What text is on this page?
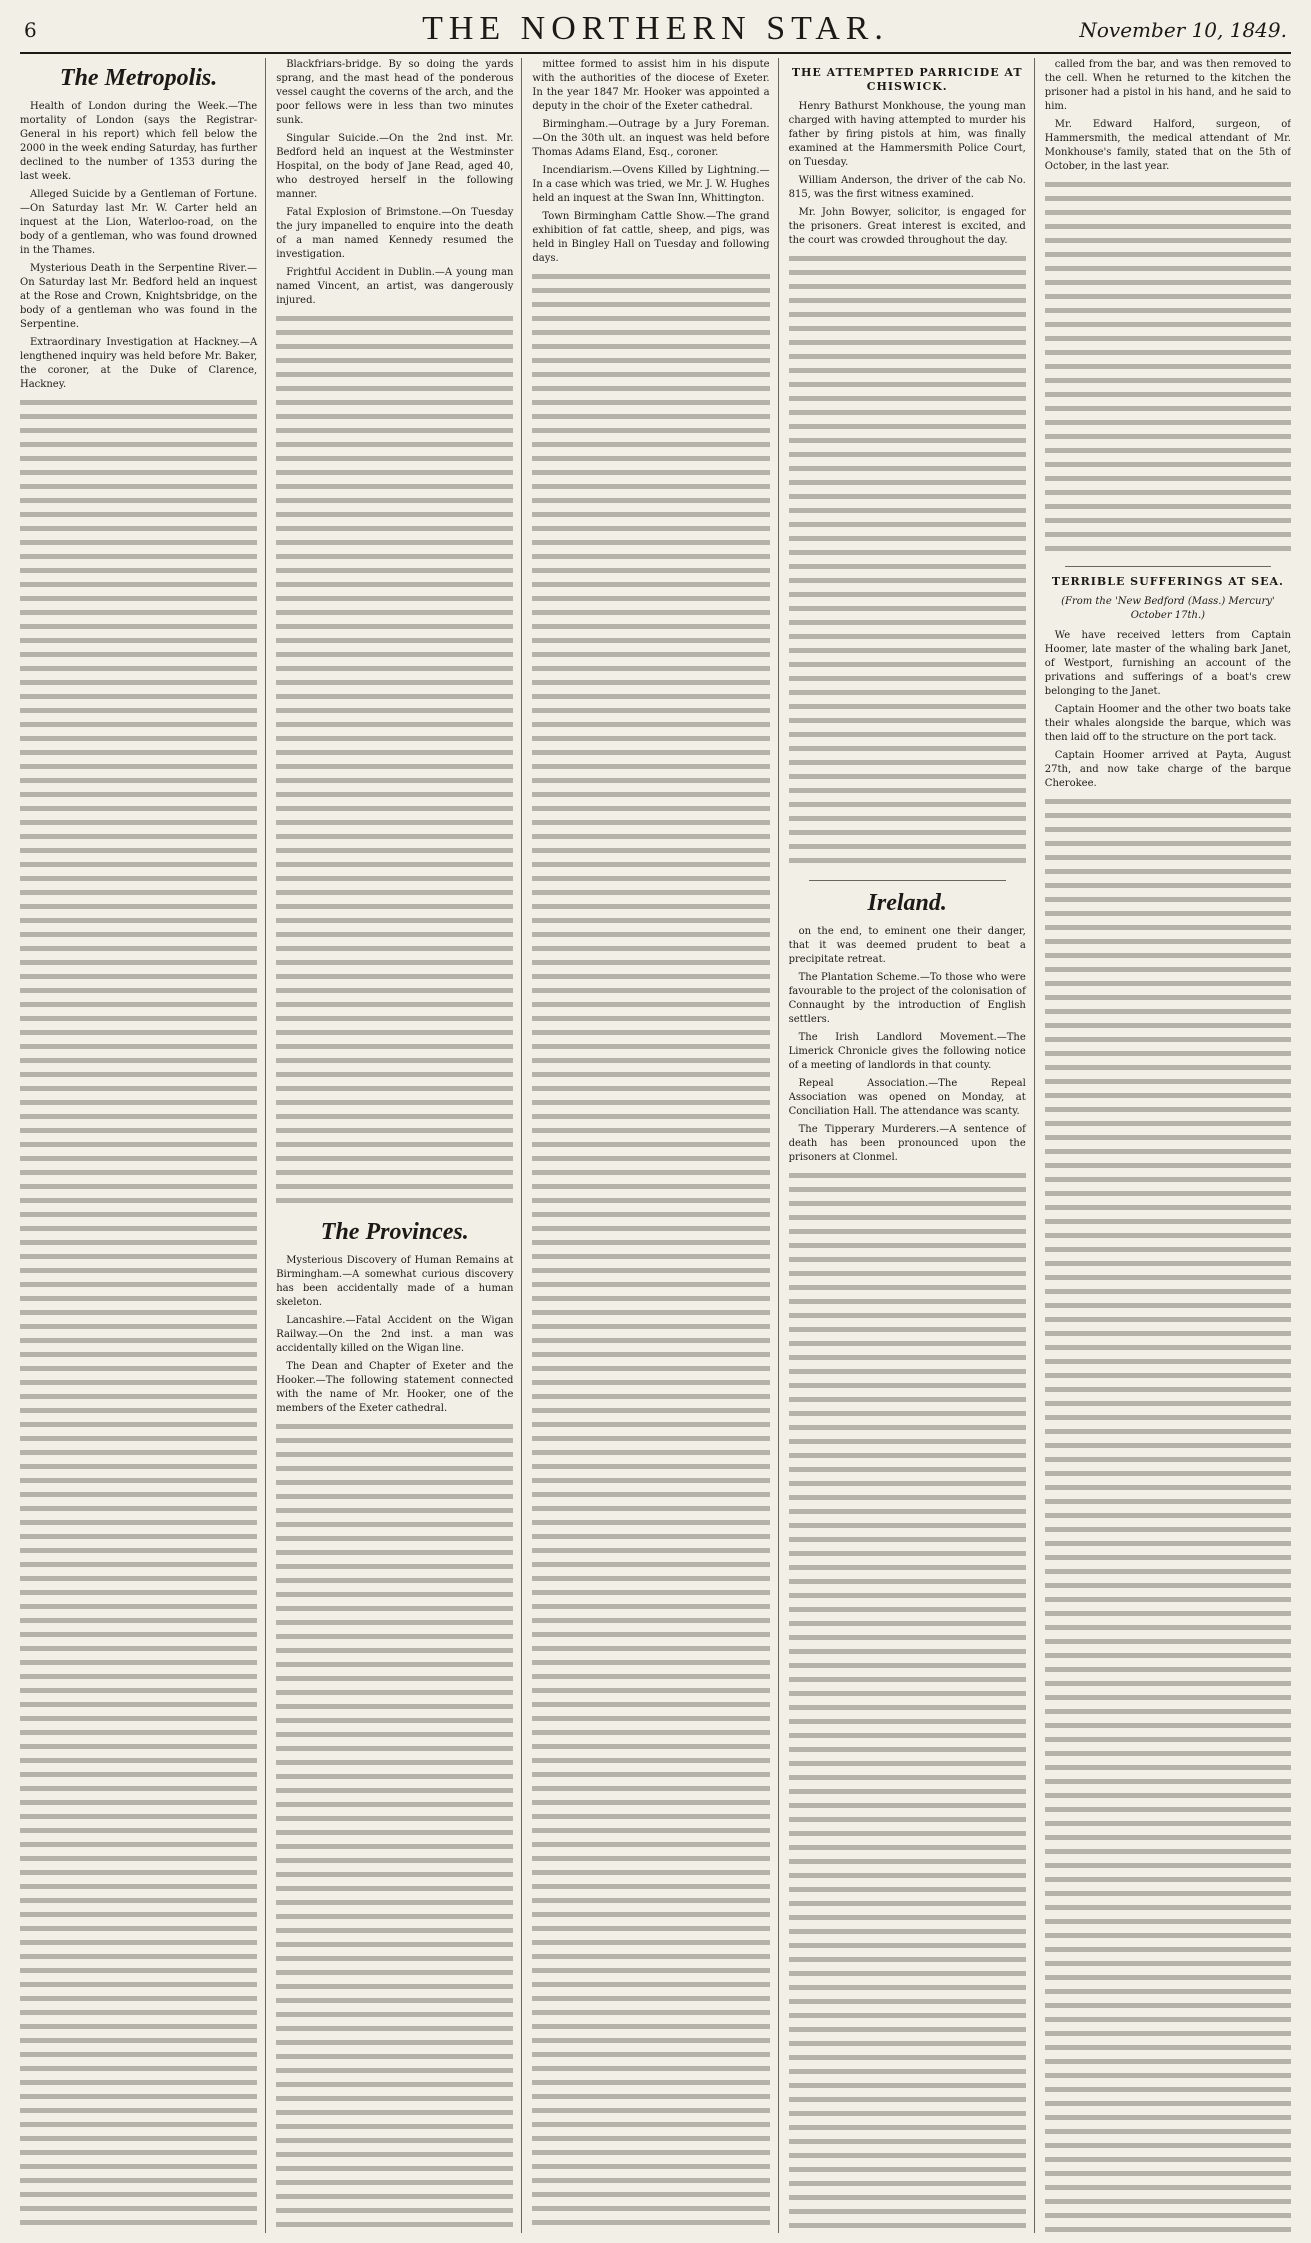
6	THE NORTHERN STAR.	November 10, 1849.
The Metropolis.

Health of London during the Week.—The mortality of London (says the Registrar-General in his report) which fell below the 2000 in the week ending Saturday, has further declined to the number of 1353 during the last week.

Alleged Suicide by a Gentleman of Fortune.—On Saturday last Mr. W. Carter held an inquest at the Lion, Waterloo-road, on the body of a gentleman, who was found drowned in the Thames.

Mysterious Death in the Serpentine River.—On Saturday last Mr. Bedford held an inquest at the Rose and Crown, Knightsbridge, on the body of a gentleman who was found in the Serpentine.

Extraordinary Investigation at Hackney.—A lengthened inquiry was held before Mr. Baker, the coroner, at the Duke of Clarence, Hackney.

Blackfriars-bridge. By so doing the yards sprang, and the mast head of the ponderous vessel caught the coverns of the arch, and the poor fellows were in less than two minutes sunk.

Singular Suicide.—On the 2nd inst. Mr. Bedford held an inquest at the Westminster Hospital, on the body of Jane Read, aged 40, who destroyed herself in the following manner.

Fatal Explosion of Brimstone.—On Tuesday the jury impanelled to enquire into the death of a man named Kennedy resumed the investigation.

Frightful Accident in Dublin.—A young man named Vincent, an artist, was dangerously injured.

The Provinces.

Mysterious Discovery of Human Remains at Birmingham.—A somewhat curious discovery has been accidentally made of a human skeleton.

Lancashire.—Fatal Accident on the Wigan Railway.—On the 2nd inst. a man was accidentally killed on the Wigan line.

The Dean and Chapter of Exeter and the Hooker.—The following statement connected with the name of Mr. Hooker, one of the members of the Exeter cathedral.

mittee formed to assist him in his dispute with the authorities of the diocese of Exeter. In the year 1847 Mr. Hooker was appointed a deputy in the choir of the Exeter cathedral.

Birmingham.—Outrage by a Jury Foreman.—On the 30th ult. an inquest was held before Thomas Adams Eland, Esq., coroner.

Incendiarism.—Ovens Killed by Lightning.—In a case which was tried, we Mr. J. W. Hughes held an inquest at the Swan Inn, Whittington.

Town Birmingham Cattle Show.—The grand exhibition of fat cattle, sheep, and pigs, was held in Bingley Hall on Tuesday and following days.

THE ATTEMPTED PARRICIDE AT CHISWICK.

Henry Bathurst Monkhouse, the young man charged with having attempted to murder his father by firing pistols at him, was finally examined at the Hammersmith Police Court, on Tuesday.

William Anderson, the driver of the cab No. 815, was the first witness examined.

Mr. John Bowyer, solicitor, is engaged for the prisoners. Great interest is excited, and the court was crowded throughout the day.

Ireland.

on the end, to eminent one their danger, that it was deemed prudent to beat a precipitate retreat.

The Plantation Scheme.—To those who were favourable to the project of the colonisation of Connaught by the introduction of English settlers.

The Irish Landlord Movement.—The Limerick Chronicle gives the following notice of a meeting of landlords in that county.

Repeal Association.—The Repeal Association was opened on Monday, at Conciliation Hall. The attendance was scanty.

The Tipperary Murderers.—A sentence of death has been pronounced upon the prisoners at Clonmel.

called from the bar, and was then removed to the cell. When he returned to the kitchen the prisoner had a pistol in his hand, and he said to him.

Mr. Edward Halford, surgeon, of Hammersmith, the medical attendant of Mr. Monkhouse's family, stated that on the 5th of October, in the last year.

TERRIBLE SUFFERINGS AT SEA.
(From the 'New Bedford (Mass.) Mercury' October 17th.)

We have received letters from Captain Hoomer, late master of the whaling bark Janet, of Westport, furnishing an account of the privations and sufferings of a boat's crew belonging to the Janet.

Captain Hoomer and the other two boats take their whales alongside the barque, which was then laid off to the structure on the port tack.

Captain Hoomer arrived at Payta, August 27th, and now take charge of the barque Cherokee.
